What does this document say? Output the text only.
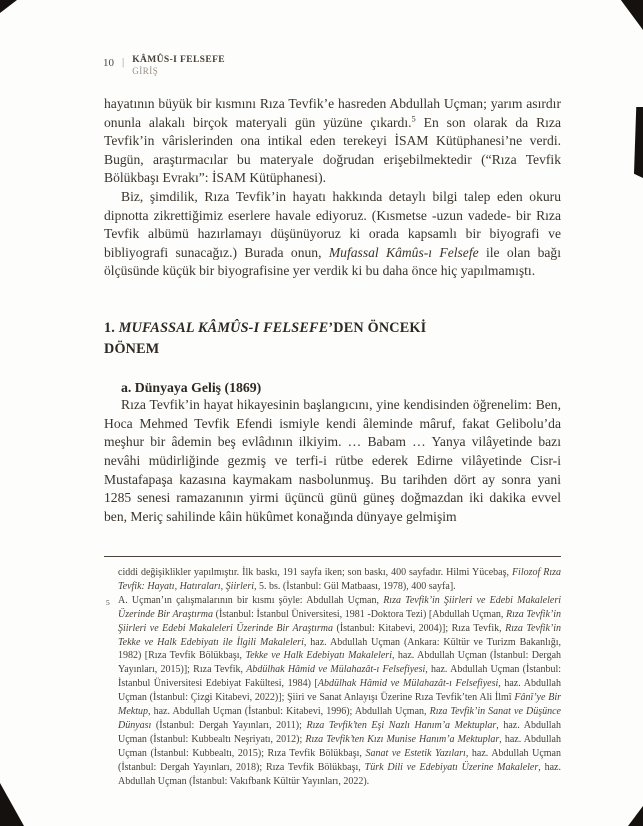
10 | KÂMÛS-I FELSEFE
GİRİŞ

hayatının büyük bir kısmını Rıza Tevfik’e hasreden Abdullah Uçman; yarım asırdır onunla alakalı birçok materyali gün yüzüne çıkardı.$^5$ En son olarak da Rıza Tevfik’in vârislerinden ona intikal eden terekeyi İSAM Kütüphanesi’ne verdi. Bugün, araştırmacılar bu materyale doğrudan erişebilmektedir (“Rıza Tevfik Bölükbaşı Evrakı”: İSAM Kütüphanesi).

Biz, şimdilik, Rıza Tevfik’in hayatı hakkında detaylı bilgi talep eden okuru dipnotta zikrettiğimiz eserlere havale ediyoruz. (Kısmetse -uzun vadede- bir Rıza Tevfik albümü hazırlamayı düşünüyoruz ki orada kapsamlı bir biyografi ve bibliyografi sunacağız.) Burada onun, Mufassal Kâmûs-ı Felsefe ile olan bağı ölçüsünde küçük bir biyografisine yer verdik ki bu daha önce hiç yapılmamıştı.

1. MUFASSAL KÂMÛS-I FELSEFE’DEN ÖNCEKİ DÖNEM
a. Dünyaya Geliş (1869)

Rıza Tevfik’in hayat hikayesinin başlangıcını, yine kendisinden öğrenelim: Ben, Hoca Mehmed Tevfik Efendi ismiyle kendi âleminde mâruf, fakat Gelibolu’da meşhur bir âdemin beş evlâdının ilkiyim. … Babam … Yanya vilâyetinde bazı nevâhi müdirliğinde gezmiş ve terfi-i rütbe ederek Edirne vilâyetinde Cisr-i Mustafapaşa kazasına kaymakam nasbolunmuş. Bu tarihden dört ay sonra yani 1285 senesi ramazanının yirmi üçüncü günü güneş doğmazdan iki dakika evvel ben, Meriç sahilinde kâin hükûmet konağında dünyaye gelmişim

ciddi değişiklikler yapılmıştır. İlk baskı, 191 sayfa iken; son baskı, 400 sayfadır. Hilmi Yücebaş, Filozof Rıza Tevfik: Hayatı, Hatıraları, Şiirleri, 5. bs. (İstanbul: Gül Matbaası, 1978), 400 sayfa].

5 A. Uçman’ın çalışmalarının bir kısmı şöyle: Abdullah Uçman, Rıza Tevfik’in Şiirleri ve Edebi Makaleleri Üzerinde Bir Araştırma (İstanbul: İstanbul Üniversitesi, 1981 -Doktora Tezi) [Abdullah Uçman, Rıza Tevfik’in Şiirleri ve Edebi Makaleleri Üzerinde Bir Araştırma (İstanbul: Kitabevi, 2004)]; Rıza Tevfik, Rıza Tevfik’in Tekke ve Halk Edebiyatı ile İlgili Makaleleri, haz. Abdullah Uçman (Ankara: Kültür ve Turizm Bakanlığı, 1982) [Rıza Tevfik Bölükbaşı, Tekke ve Halk Edebiyatı Makaleleri, haz. Abdullah Uçman (İstanbul: Dergah Yayınları, 2015)]; Rıza Tevfik, Abdülhak Hâmid ve Mülahazât-ı Felsefiyesi, haz. Abdullah Uçman (İstanbul: İstanbul Üniversitesi Edebiyat Fakültesi, 1984) [Abdülhak Hâmid ve Mülahazât-ı Felsefiyesi, haz. Abdullah Uçman (İstanbul: Çizgi Kitabevi, 2022)]; Şiiri ve Sanat Anlayışı Üzerine Rıza Tevfik’ten Ali İlmî Fânî’ye Bir Mektup, haz. Abdullah Uçman (İstanbul: Kitabevi, 1996); Abdullah Uçman, Rıza Tevfik’in Sanat ve Düşünce Dünyası (İstanbul: Dergah Yayınları, 2011); Rıza Tevfik’ten Eşi Nazlı Hanım’a Mektuplar, haz. Abdullah Uçman (İstanbul: Kubbealtı Neşriyatı, 2012); Rıza Tevfik’ten Kızı Munise Hanım’a Mektuplar, haz. Abdullah Uçman (İstanbul: Kubbealtı, 2015); Rıza Tevfik Bölükbaşı, Sanat ve Estetik Yazıları, haz. Abdullah Uçman (İstanbul: Dergah Yayınları, 2018); Rıza Tevfik Bölükbaşı, Türk Dili ve Edebiyatı Üzerine Makaleler, haz. Abdullah Uçman (İstanbul: Vakıfbank Kültür Yayınları, 2022).
